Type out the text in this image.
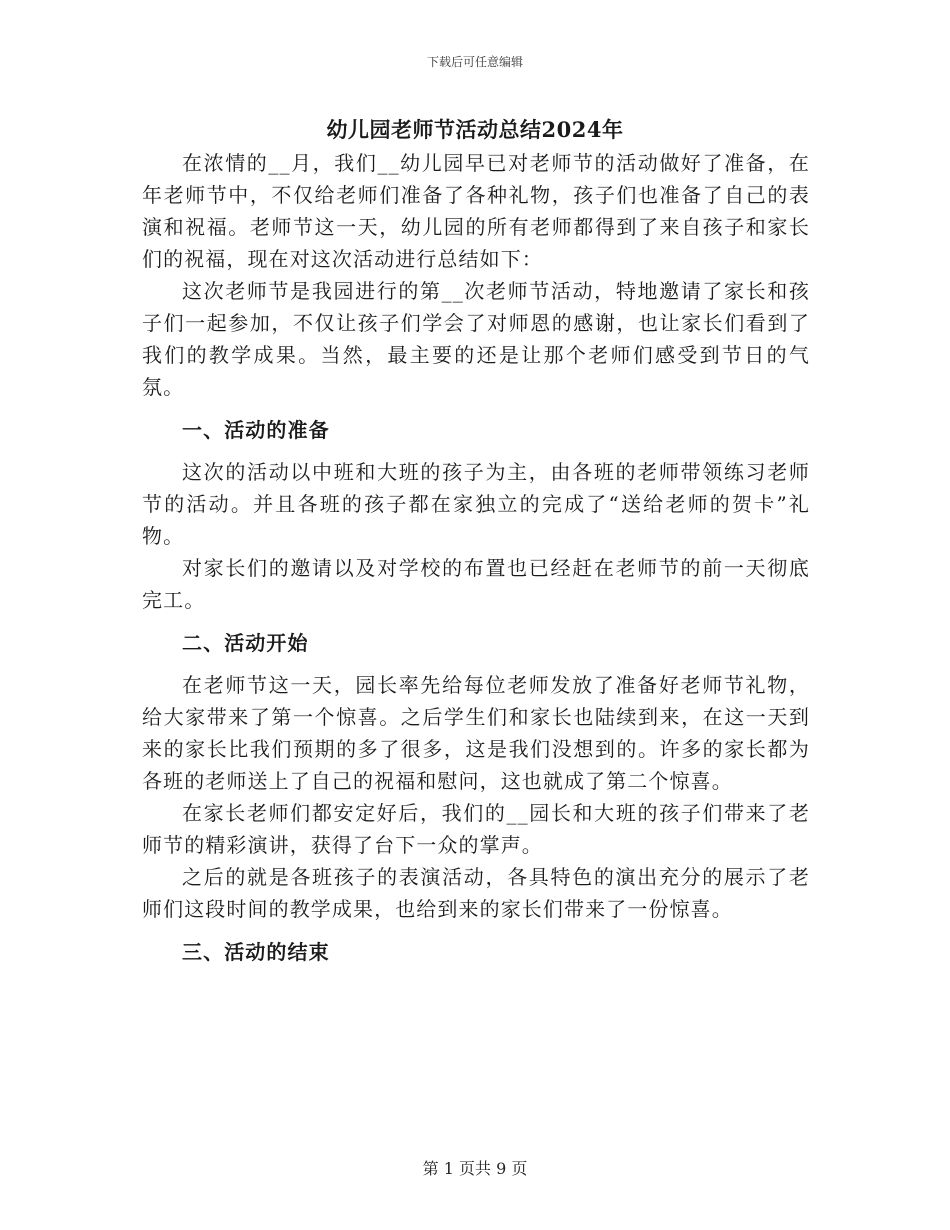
下载后可任意编辑
幼儿园老师节活动总结2024年

在浓情的__月，我们__幼儿园早已对老师节的活动做好了准备，在年老师节中，不仅给老师们准备了各种礼物，孩子们也准备了自己的表演和祝福。老师节这一天，幼儿园的所有老师都得到了来自孩子和家长们的祝福，现在对这次活动进行总结如下：

这次老师节是我园进行的第__次老师节活动，特地邀请了家长和孩子们一起参加，不仅让孩子们学会了对师恩的感谢，也让家长们看到了我们的教学成果。当然，最主要的还是让那个老师们感受到节日的气氛。

一、活动的准备

这次的活动以中班和大班的孩子为主，由各班的老师带领练习老师节的活动。并且各班的孩子都在家独立的完成了“送给老师的贺卡”礼物。

对家长们的邀请以及对学校的布置也已经赶在老师节的前一天彻底完工。

二、活动开始

在老师节这一天，园长率先给每位老师发放了准备好老师节礼物，给大家带来了第一个惊喜。之后学生们和家长也陆续到来，在这一天到来的家长比我们预期的多了很多，这是我们没想到的。许多的家长都为各班的老师送上了自己的祝福和慰问，这也就成了第二个惊喜。

在家长老师们都安定好后，我们的__园长和大班的孩子们带来了老师节的精彩演讲，获得了台下一众的掌声。

之后的就是各班孩子的表演活动，各具特色的演出充分的展示了老师们这段时间的教学成果，也给到来的家长们带来了一份惊喜。

三、活动的结束
第 1 页共 9 页
